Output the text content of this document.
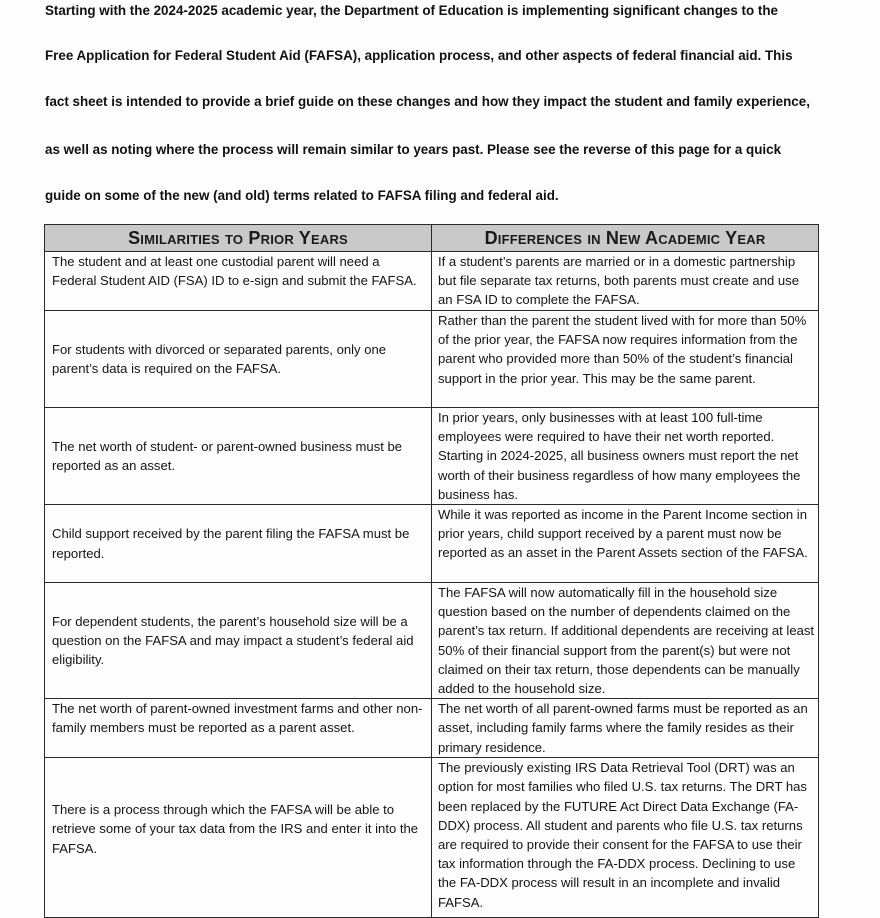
Starting with the 2024-2025 academic year, the Department of Education is implementing significant changes to the
Free Application for Federal Student Aid (FAFSA), application process, and other aspects of federal financial aid. This
fact sheet is intended to provide a brief guide on these changes and how they impact the student and family experience,
as well as noting where the process will remain similar to years past. Please see the reverse of this page for a quick
guide on some of the new (and old) terms related to FAFSA filing and federal aid.
Similarities to Prior Years	Differences in New Academic Year

The student and at least one custodial parent will need a Federal Student AID (FSA) ID to e-sign and submit the FAFSA.	If a student’s parents are married or in a domestic partnership but file separate tax returns, both parents must create and use an FSA ID to complete the FAFSA.

For students with divorced or separated parents, only one parent’s data is required on the FAFSA.	Rather than the parent the student lived with for more than 50% of the prior year, the FAFSA now requires information from the parent who provided more than 50% of the student’s financial support in the prior year. This may be the same parent.

The net worth of student- or parent-owned business must be reported as an asset.	In prior years, only businesses with at least 100 full-time employees were required to have their net worth reported. Starting in 2024-2025, all business owners must report the net worth of their business regardless of how many employees the business has.

Child support received by the parent filing the FAFSA must be reported.	While it was reported as income in the Parent Income section in prior years, child support received by a parent must now be reported as an asset in the Parent Assets section of the FAFSA.

For dependent students, the parent’s household size will be a question on the FAFSA and may impact a student’s federal aid eligibility.	The FAFSA will now automatically fill in the household size question based on the number of dependents claimed on the parent’s tax return. If additional dependents are receiving at least 50% of their financial support from the parent(s) but were not claimed on their tax return, those dependents can be manually added to the household size.

The net worth of parent-owned investment farms and other non-family members must be reported as a parent asset.	The net worth of all parent-owned farms must be reported as an asset, including family farms where the family resides as their primary residence.

There is a process through which the FAFSA will be able to retrieve some of your tax data from the IRS and enter it into the FAFSA.	The previously existing IRS Data Retrieval Tool (DRT) was an option for most families who filed U.S. tax returns. The DRT has been replaced by the FUTURE Act Direct Data Exchange (FA-DDX) process. All student and parents who file U.S. tax returns are required to provide their consent for the FAFSA to use their tax information through the FA-DDX process. Declining to use the FA-DDX process will result in an incomplete and invalid FAFSA.
